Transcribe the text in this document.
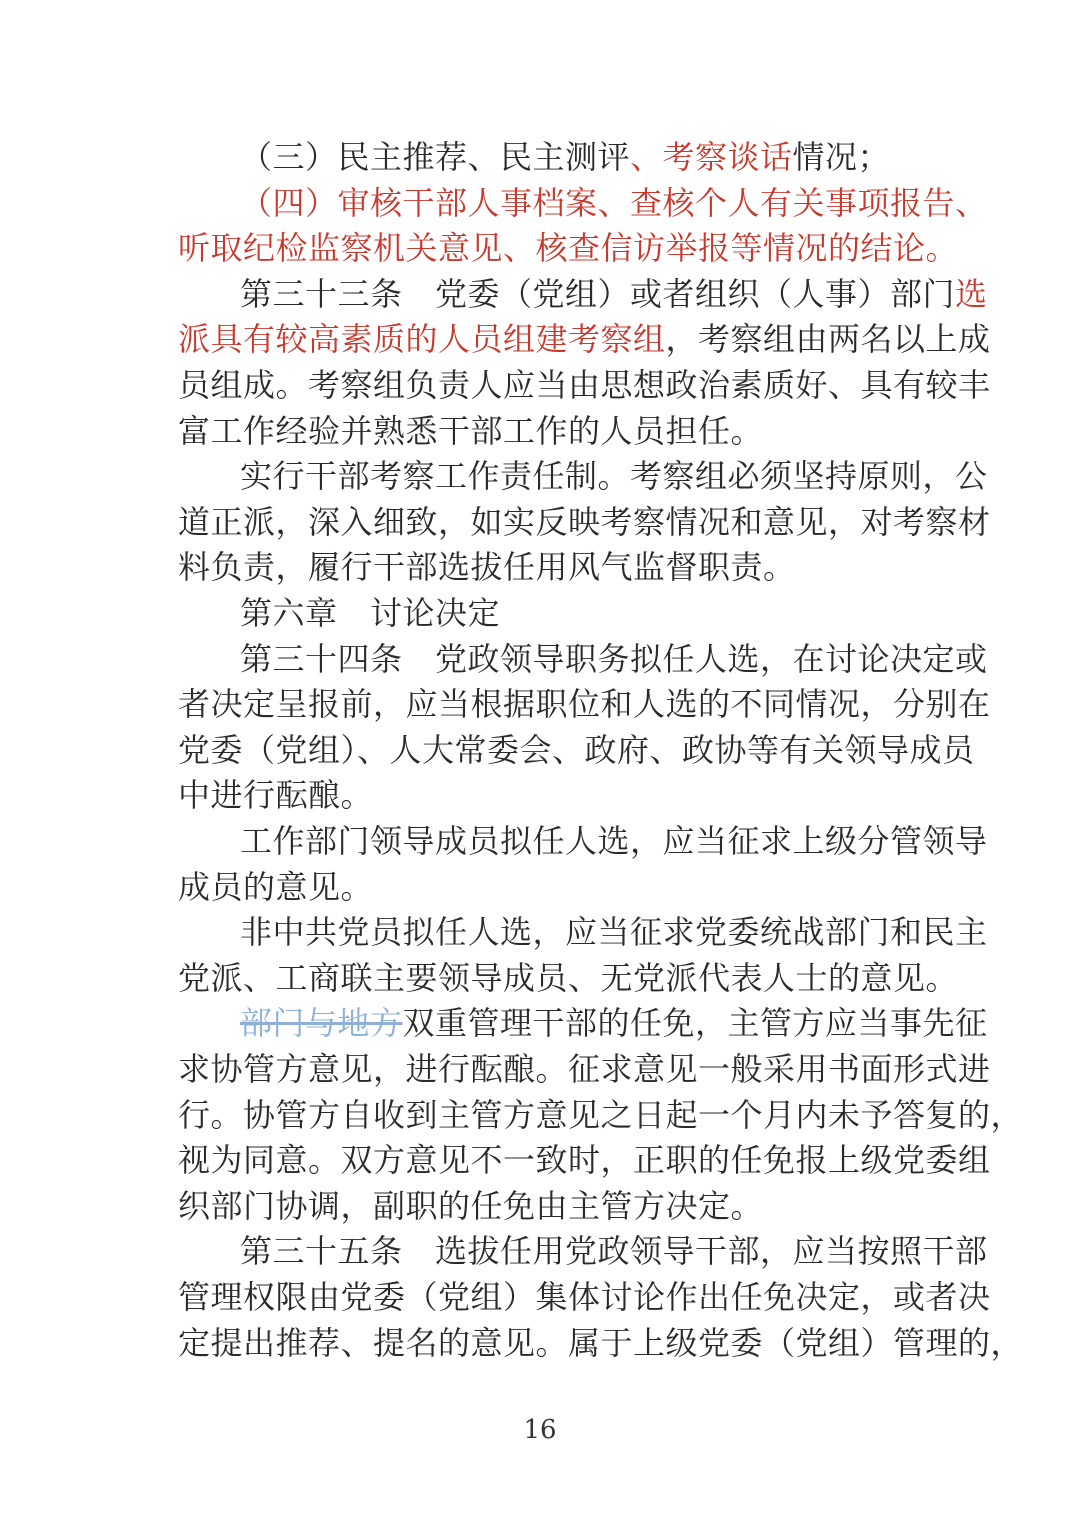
（三）民主推荐、民主测评、考察谈话情况；
（四）审核干部人事档案、查核个人有关事项报告、
听取纪检监察机关意见、核查信访举报等情况的结论。
第三十三条　党委（党组）或者组织（人事）部门选
派具有较高素质的人员组建考察组，考察组由两名以上成
员组成。考察组负责人应当由思想政治素质好、具有较丰
富工作经验并熟悉干部工作的人员担任。
实行干部考察工作责任制。考察组必须坚持原则，公
道正派，深入细致，如实反映考察情况和意见，对考察材
料负责，履行干部选拔任用风气监督职责。
第六章　讨论决定
第三十四条　党政领导职务拟任人选，在讨论决定或
者决定呈报前，应当根据职位和人选的不同情况，分别在
党委（党组）、人大常委会、政府、政协等有关领导成员
中进行酝酿。
工作部门领导成员拟任人选，应当征求上级分管领导
成员的意见。
非中共党员拟任人选，应当征求党委统战部门和民主
党派、工商联主要领导成员、无党派代表人士的意见。
部门与地方双重管理干部的任免，主管方应当事先征
求协管方意见，进行酝酿。征求意见一般采用书面形式进
行。协管方自收到主管方意见之日起一个月内未予答复的，
视为同意。双方意见不一致时，正职的任免报上级党委组
织部门协调，副职的任免由主管方决定。
第三十五条　选拔任用党政领导干部，应当按照干部
管理权限由党委（党组）集体讨论作出任免决定，或者决
定提出推荐、提名的意见。属于上级党委（党组）管理的，
16
